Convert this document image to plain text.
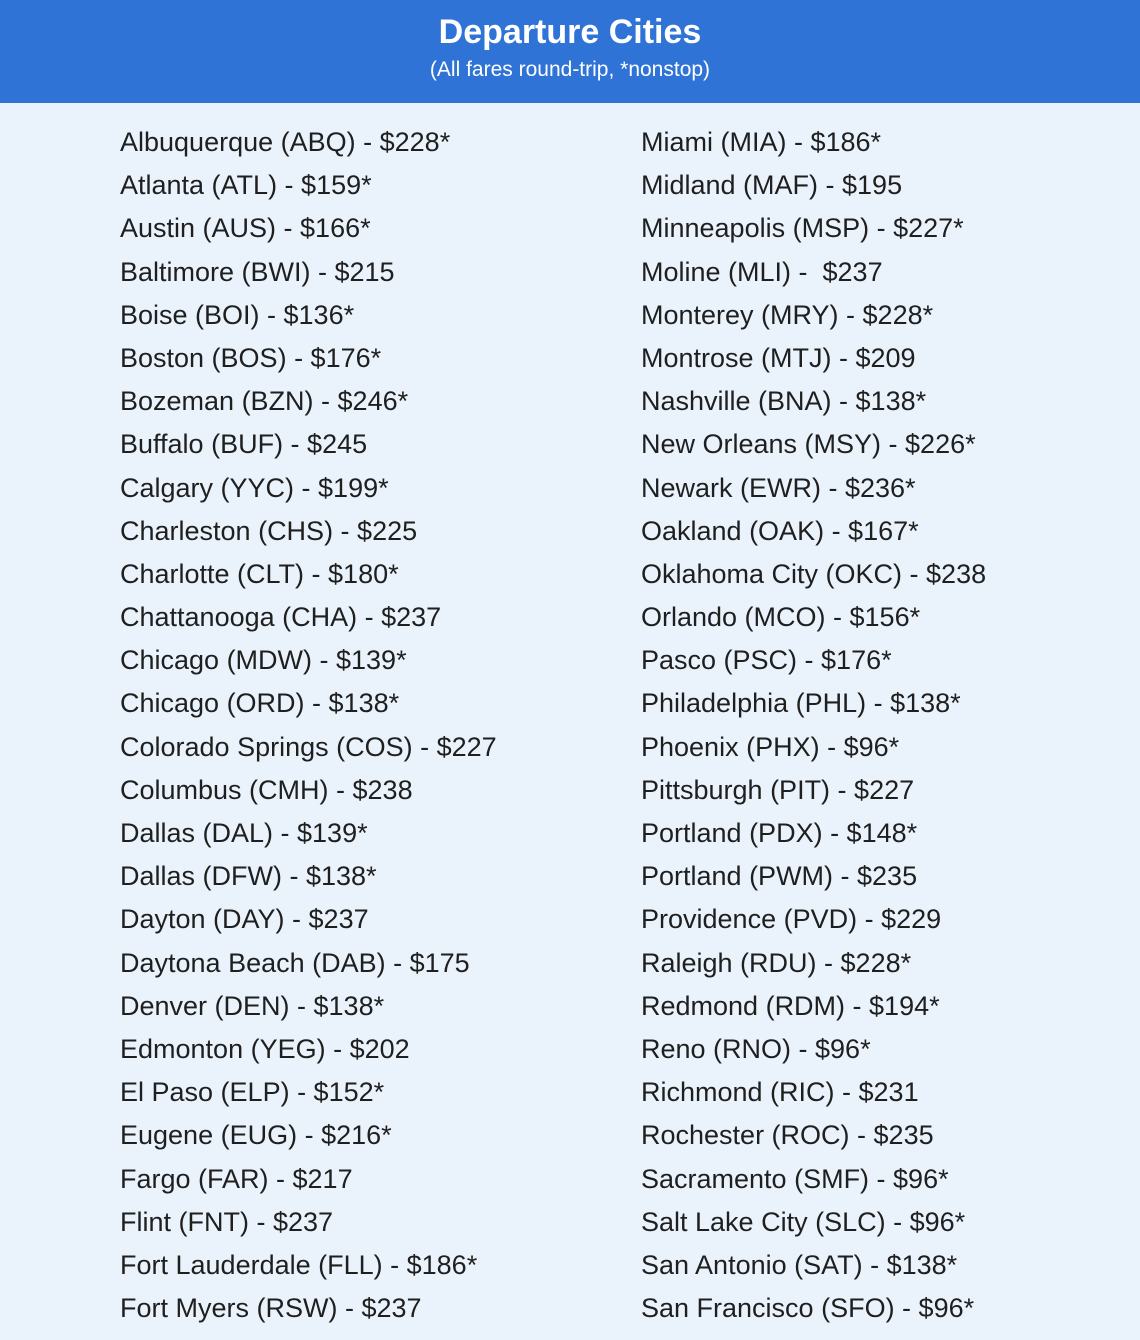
Departure Cities
(All fares round-trip, *nonstop)
Albuquerque (ABQ) - $228*
Atlanta (ATL) - $159*
Austin (AUS) - $166*
Baltimore (BWI) - $215
Boise (BOI) - $136*
Boston (BOS) - $176*
Bozeman (BZN) - $246*
Buffalo (BUF) - $245
Calgary (YYC) - $199*
Charleston (CHS) - $225
Charlotte (CLT) - $180*
Chattanooga (CHA) - $237
Chicago (MDW) - $139*
Chicago (ORD) - $138*
Colorado Springs (COS) - $227
Columbus (CMH) - $238
Dallas (DAL) - $139*
Dallas (DFW) - $138*
Dayton (DAY) - $237
Daytona Beach (DAB) - $175
Denver (DEN) - $138*
Edmonton (YEG) - $202
El Paso (ELP) - $152*
Eugene (EUG) - $216*
Fargo (FAR) - $217
Flint (FNT) - $237
Fort Lauderdale (FLL) - $186*
Fort Myers (RSW) - $237
Miami (MIA) - $186*
Midland (MAF) - $195
Minneapolis (MSP) - $227*
Moline (MLI) -  $237
Monterey (MRY) - $228*
Montrose (MTJ) - $209
Nashville (BNA) - $138*
New Orleans (MSY) - $226*
Newark (EWR) - $236*
Oakland (OAK) - $167*
Oklahoma City (OKC) - $238
Orlando (MCO) - $156*
Pasco (PSC) - $176*
Philadelphia (PHL) - $138*
Phoenix (PHX) - $96*
Pittsburgh (PIT) - $227
Portland (PDX) - $148*
Portland (PWM) - $235
Providence (PVD) - $229
Raleigh (RDU) - $228*
Redmond (RDM) - $194*
Reno (RNO) - $96*
Richmond (RIC) - $231
Rochester (ROC) - $235
Sacramento (SMF) - $96*
Salt Lake City (SLC) - $96*
San Antonio (SAT) - $138*
San Francisco (SFO) - $96*
